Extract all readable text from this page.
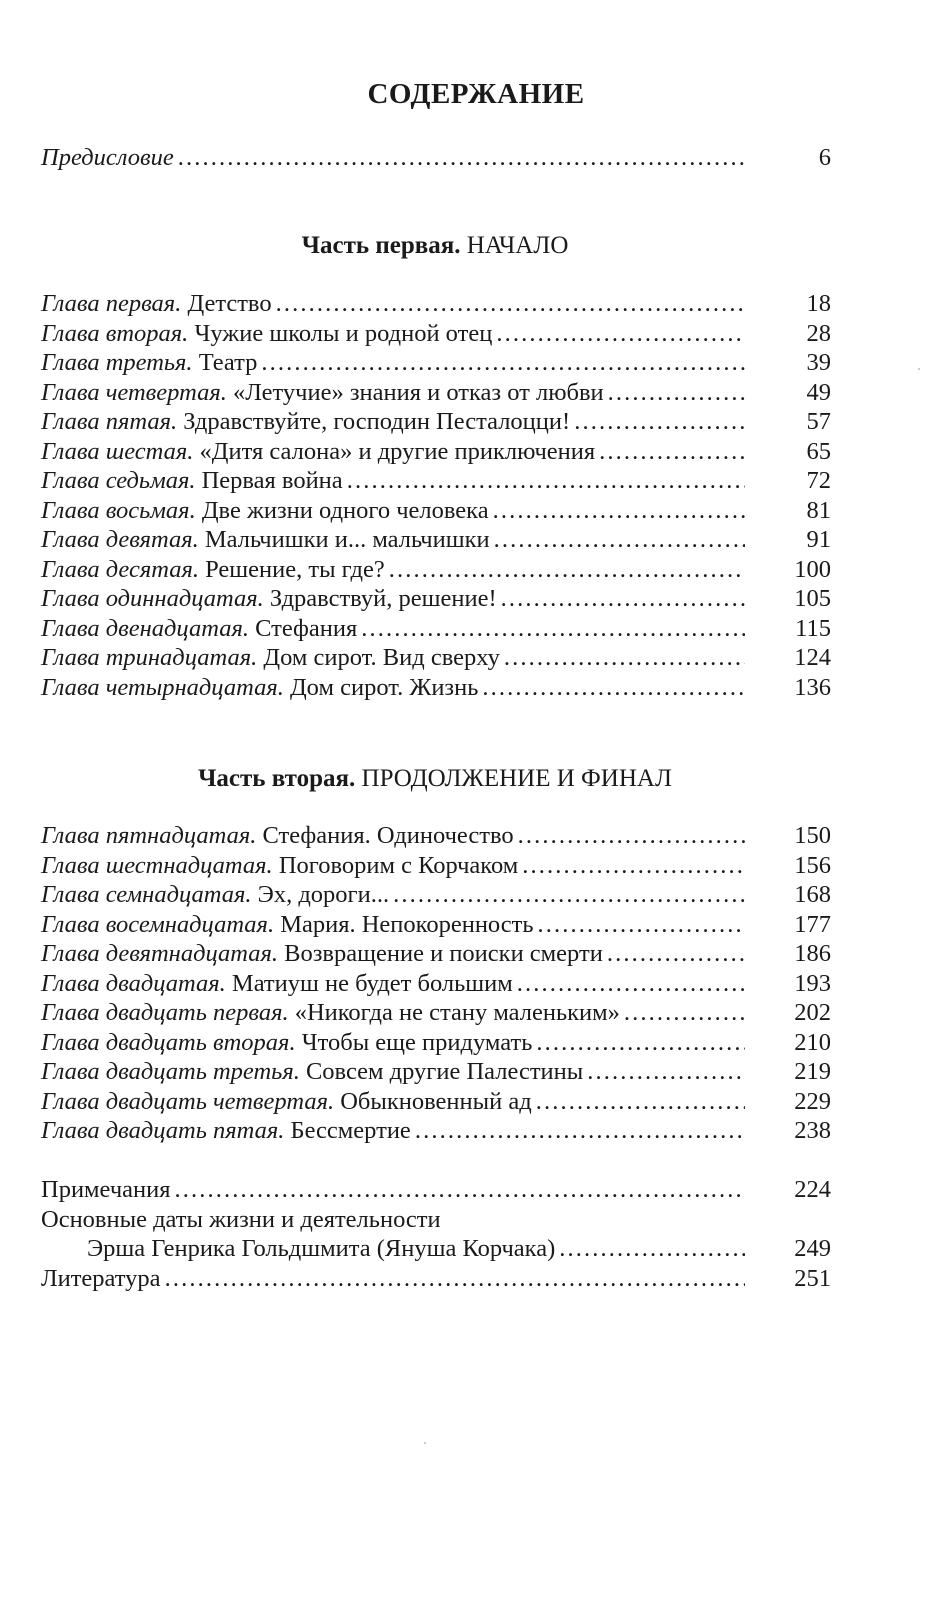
СОДЕРЖАНИЕ
Предисловие . . .	6
Часть первая. НАЧАЛО
Глава первая. Детство . . .	18
Глава вторая. Чужие школы и родной отец . . .	28
Глава третья. Театр . . .	39
Глава четвертая. «Летучие» знания и отказ от любви . . .	49
Глава пятая. Здравствуйте, господин Песталоцци! . . .	57
Глава шестая. «Дитя салона» и другие приключения . . .	65
Глава седьмая. Первая война . . .	72
Глава восьмая. Две жизни одного человека . . .	81
Глава девятая. Мальчишки и... мальчишки . . .	91
Глава десятая. Решение, ты где? . . .	100
Глава одиннадцатая. Здравствуй, решение! . . .	105
Глава двенадцатая. Стефания . . .	115
Глава тринадцатая. Дом сирот. Вид сверху . . .	124
Глава четырнадцатая. Дом сирот. Жизнь . . .	136
Часть вторая. ПРОДОЛЖЕНИЕ И ФИНАЛ
Глава пятнадцатая. Стефания. Одиночество . . .	150
Глава шестнадцатая. Поговорим с Корчаком . . .	156
Глава семнадцатая. Эх, дороги... . . .	168
Глава восемнадцатая. Мария. Непокоренность . . .	177
Глава девятнадцатая. Возвращение и поиски смерти . . .	186
Глава двадцатая. Матиуш не будет большим . . .	193
Глава двадцать первая. «Никогда не стану маленьким» . . .	202
Глава двадцать вторая. Чтобы еще придумать . . .	210
Глава двадцать третья. Совсем другие Палестины . . .	219
Глава двадцать четвертая. Обыкновенный ад . . .	229
Глава двадцать пятая. Бессмертие . . .	238
Примечания . . .	224
Основные даты жизни и деятельности
Эрша Генрика Гольдшмита (Януша Корчака) . . .	249
Литература . . .	251
